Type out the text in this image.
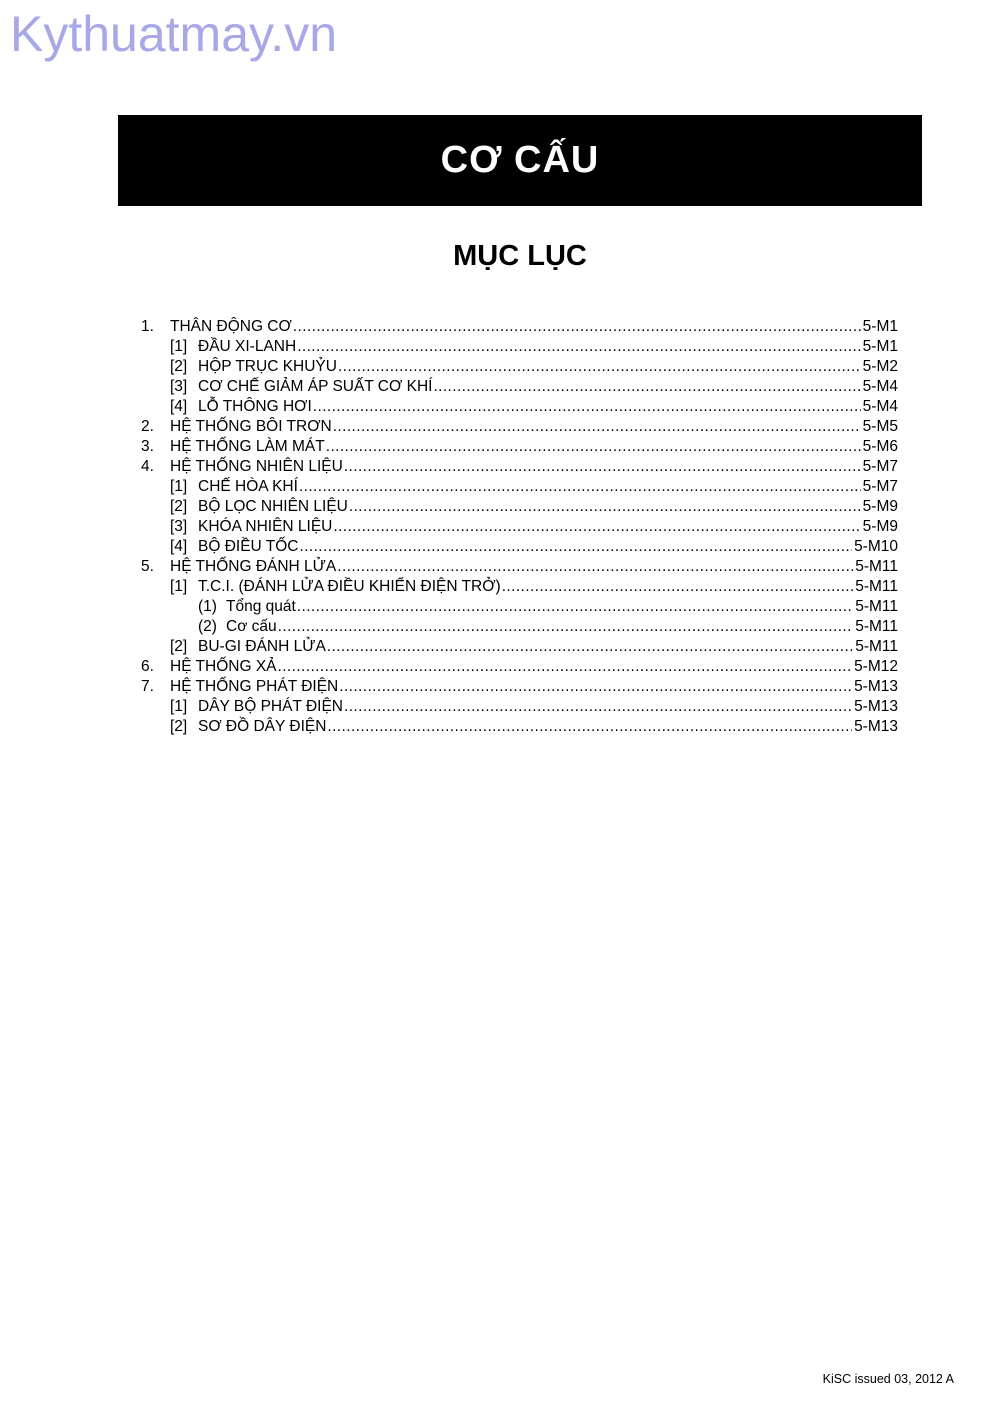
Kythuatmay.vn
CƠ CẤU
MỤC LỤC
1.	THÂN ĐỘNG CƠ .....	5-M1
[1] ĐẦU XI-LANH .....	5-M1
[2] HỘP TRỤC KHUỶU .....	5-M2
[3] CƠ CHẾ GIẢM ÁP SUẤT CƠ KHÍ .....	5-M4
[4] LỖ THÔNG HƠI .....	5-M4
2.	HỆ THỐNG BÔI TRƠN .....	5-M5
3.	HỆ THỐNG LÀM MÁT .....	5-M6
4.	HỆ THỐNG NHIÊN LIỆU .....	5-M7
[1] CHẾ HÒA KHÍ .....	5-M7
[2] BỘ LỌC NHIÊN LIỆU .....	5-M9
[3] KHÓA NHIÊN LIỆU .....	5-M9
[4] BỘ ĐIỀU TỐC .....	5-M10
5.	HỆ THỐNG ĐÁNH LỬA .....	5-M11
[1] T.C.I. (ĐÁNH LỬA ĐIỀU KHIỂN ĐIỆN TRỞ) .....	5-M11
(1) Tổng quát .....	5-M11
(2) Cơ cấu .....	5-M11
[2] BU-GI ĐÁNH LỬA .....	5-M11
6.	HỆ THỐNG XẢ .....	5-M12
7.	HỆ THỐNG PHÁT ĐIỆN .....	5-M13
[1] DÂY BỘ PHÁT ĐIỆN .....	5-M13
[2] SƠ ĐỒ DÂY ĐIỆN .....	5-M13
KiSC issued 03, 2012 A
